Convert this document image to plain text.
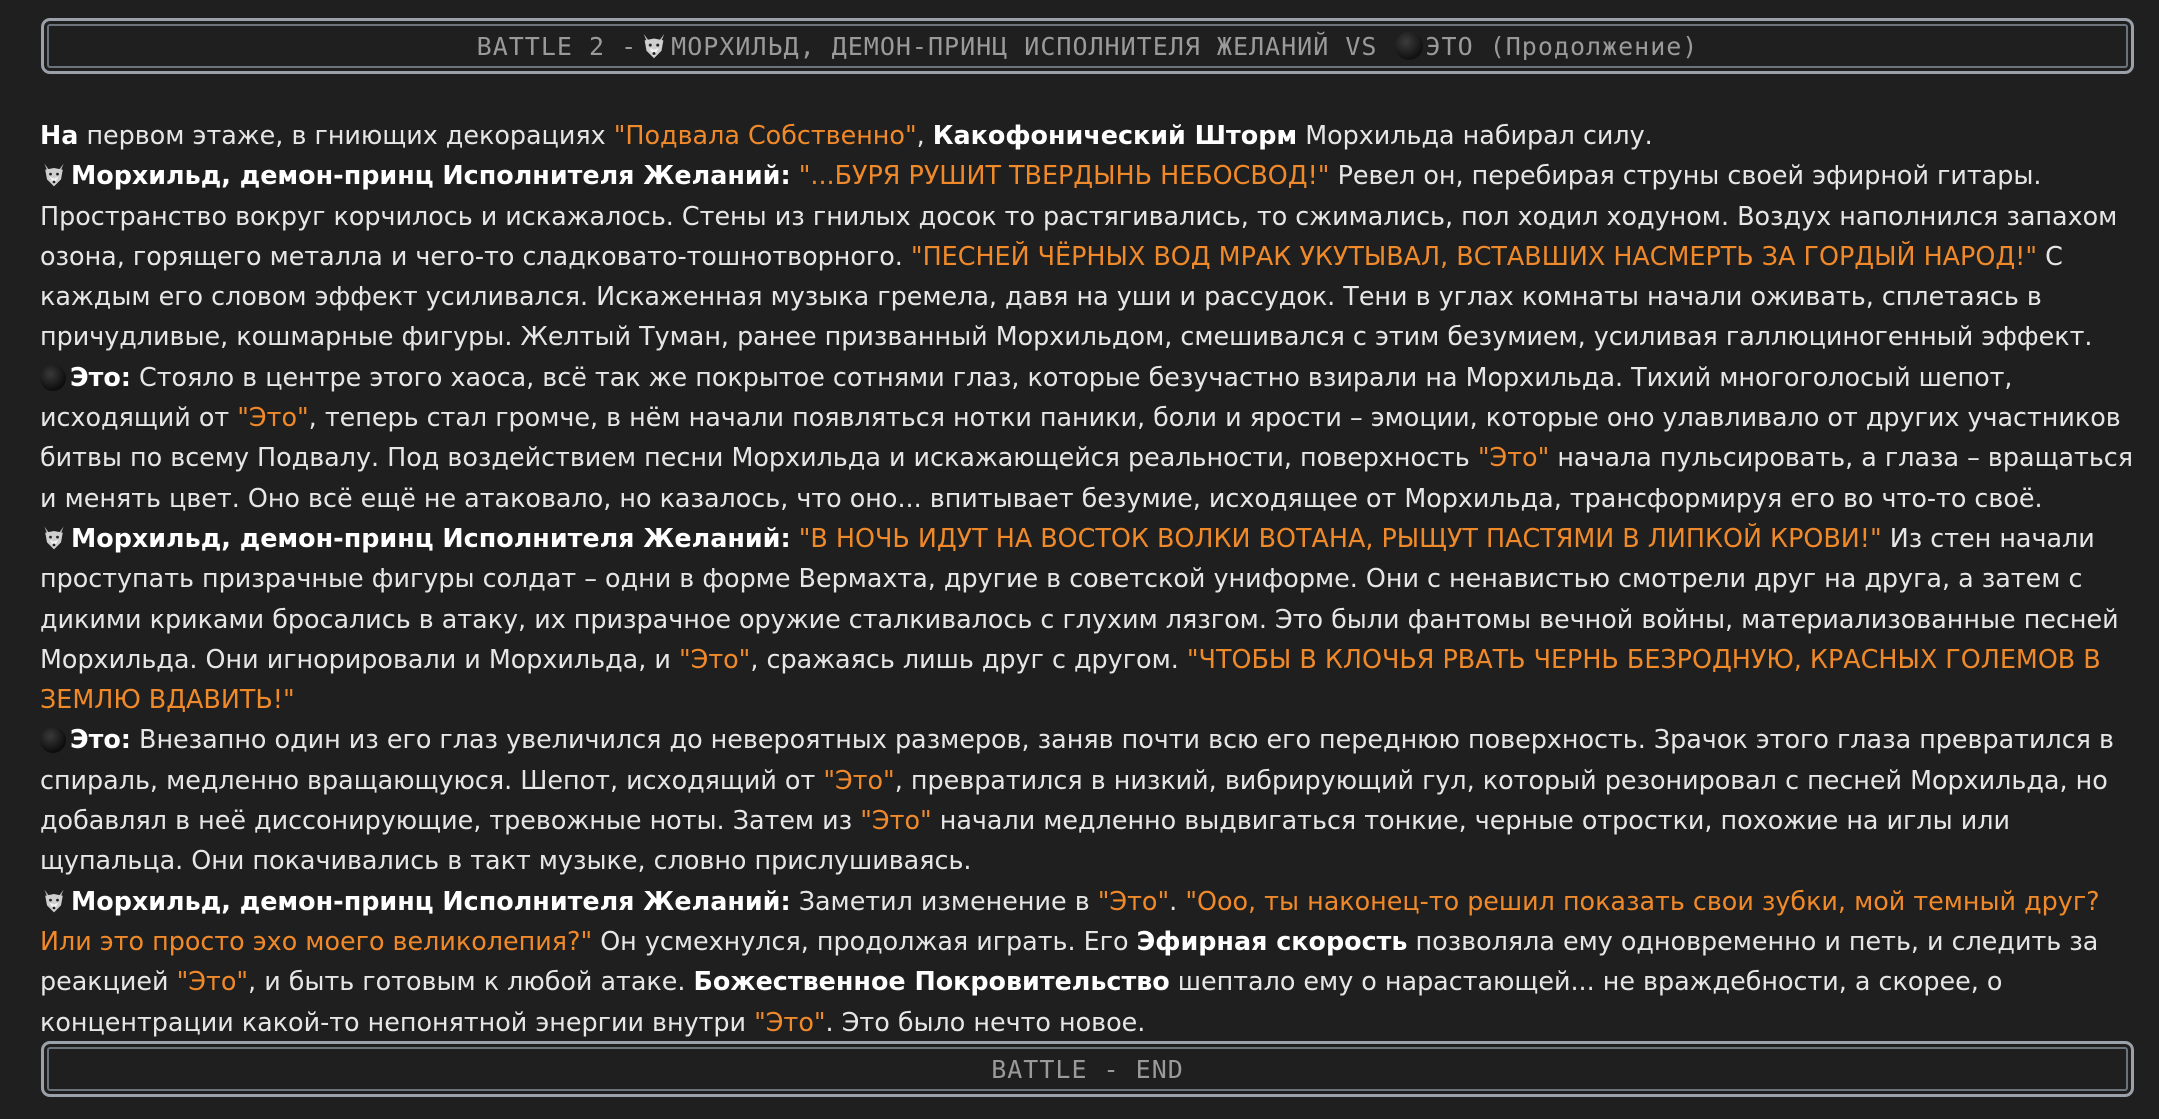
BATTLE 2 - МОРХИЛЬД, ДЕМОН-ПРИНЦ ИСПОЛНИТЕЛЯ ЖЕЛАНИЙ VS ЭТО (Продолжение)

На первом этаже, в гниющих декорациях "Подвала Собственно", Какофонический Шторм Морхильда набирал силу.

Морхильд, демон-принц Исполнителя Желаний: "...БУРЯ РУШИТ ТВЕРДЫНЬ НЕБОСВОД!" Ревел он, перебирая струны своей эфирной гитары. Пространство вокруг корчилось и искажалось. Стены из гнилых досок то растягивались, то сжимались, пол ходил ходуном. Воздух наполнился запахом озона, горящего металла и чего-то сладковато-тошнотворного. "ПЕСНЕЙ ЧЁРНЫХ ВОД МРАК УКУТЫВАЛ, ВСТАВШИХ НАСМЕРТЬ ЗА ГОРДЫЙ НАРОД!" С каждым его словом эффект усиливался. Искаженная музыка гремела, давя на уши и рассудок. Тени в углах комнаты начали оживать, сплетаясь в причудливые, кошмарные фигуры. Желтый Туман, ранее призванный Морхильдом, смешивался с этим безумием, усиливая галлюциногенный эффект.

Это: Стояло в центре этого хаоса, всё так же покрытое сотнями глаз, которые безучастно взирали на Морхильда. Тихий многоголосый шепот, исходящий от "Это", теперь стал громче, в нём начали появляться нотки паники, боли и ярости – эмоции, которые оно улавливало от других участников битвы по всему Подвалу. Под воздействием песни Морхильда и искажающейся реальности, поверхность "Это" начала пульсировать, а глаза – вращаться и менять цвет. Оно всё ещё не атаковало, но казалось, что оно... впитывает безумие, исходящее от Морхильда, трансформируя его во что-то своё.

Морхильд, демон-принц Исполнителя Желаний: "В НОЧЬ ИДУТ НА ВОСТОК ВОЛКИ ВОТАНА, РЫЩУТ ПАСТЯМИ В ЛИПКОЙ КРОВИ!" Из стен начали проступать призрачные фигуры солдат – одни в форме Вермахта, другие в советской униформе. Они с ненавистью смотрели друг на друга, а затем с дикими криками бросались в атаку, их призрачное оружие сталкивалось с глухим лязгом. Это были фантомы вечной войны, материализованные песней Морхильда. Они игнорировали и Морхильда, и "Это", сражаясь лишь друг с другом. "ЧТОБЫ В КЛОЧЬЯ РВАТЬ ЧЕРНЬ БЕЗРОДНУЮ, КРАСНЫХ ГОЛЕМОВ В ЗЕМЛЮ ВДАВИТЬ!"

Это: Внезапно один из его глаз увеличился до невероятных размеров, заняв почти всю его переднюю поверхность. Зрачок этого глаза превратился в спираль, медленно вращающуюся. Шепот, исходящий от "Это", превратился в низкий, вибрирующий гул, который резонировал с песней Морхильда, но добавлял в неё диссонирующие, тревожные ноты. Затем из "Это" начали медленно выдвигаться тонкие, черные отростки, похожие на иглы или щупальца. Они покачивались в такт музыке, словно прислушиваясь.

Морхильд, демон-принц Исполнителя Желаний: Заметил изменение в "Это". "Ооо, ты наконец-то решил показать свои зубки, мой темный друг? Или это просто эхо моего великолепия?" Он усмехнулся, продолжая играть. Его Эфирная скорость позволяла ему одновременно и петь, и следить за реакцией "Это", и быть готовым к любой атаке. Божественное Покровительство шептало ему о нарастающей... не враждебности, а скорее, о концентрации какой-то непонятной энергии внутри "Это". Это было нечто новое.

BATTLE - END
